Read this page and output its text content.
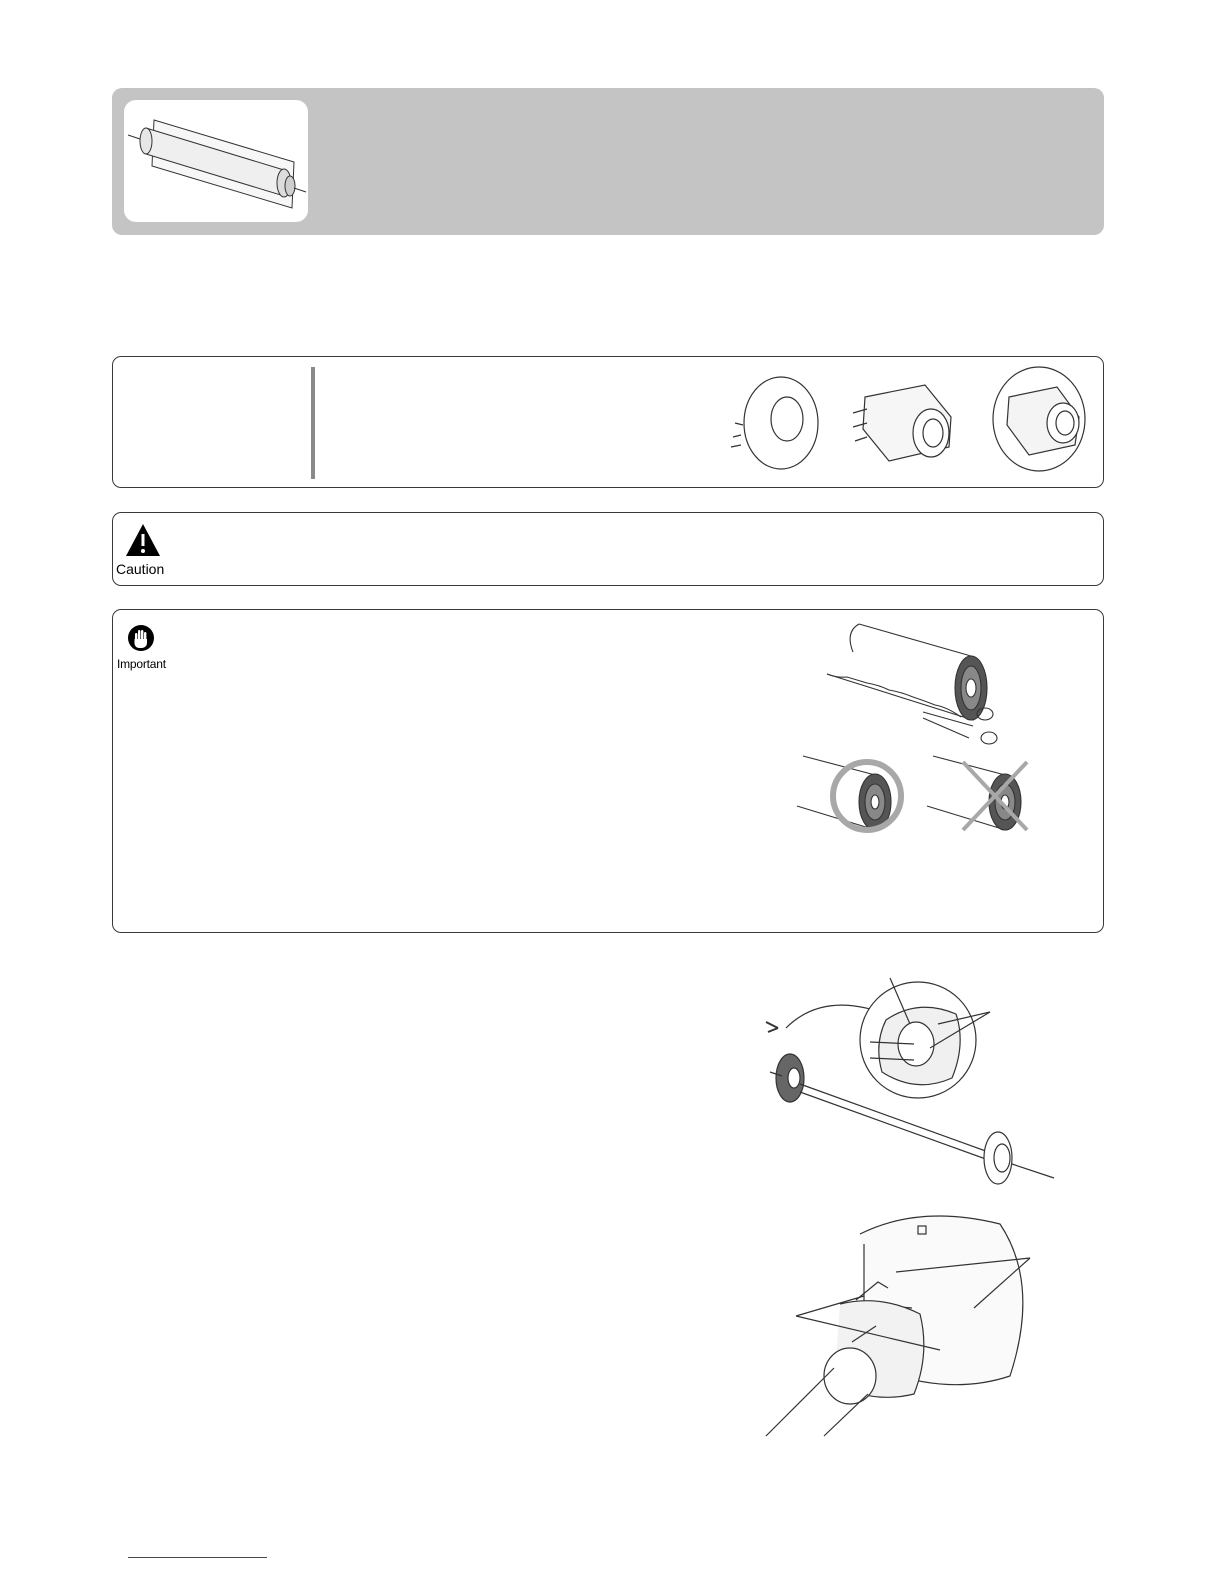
Caution
Important
